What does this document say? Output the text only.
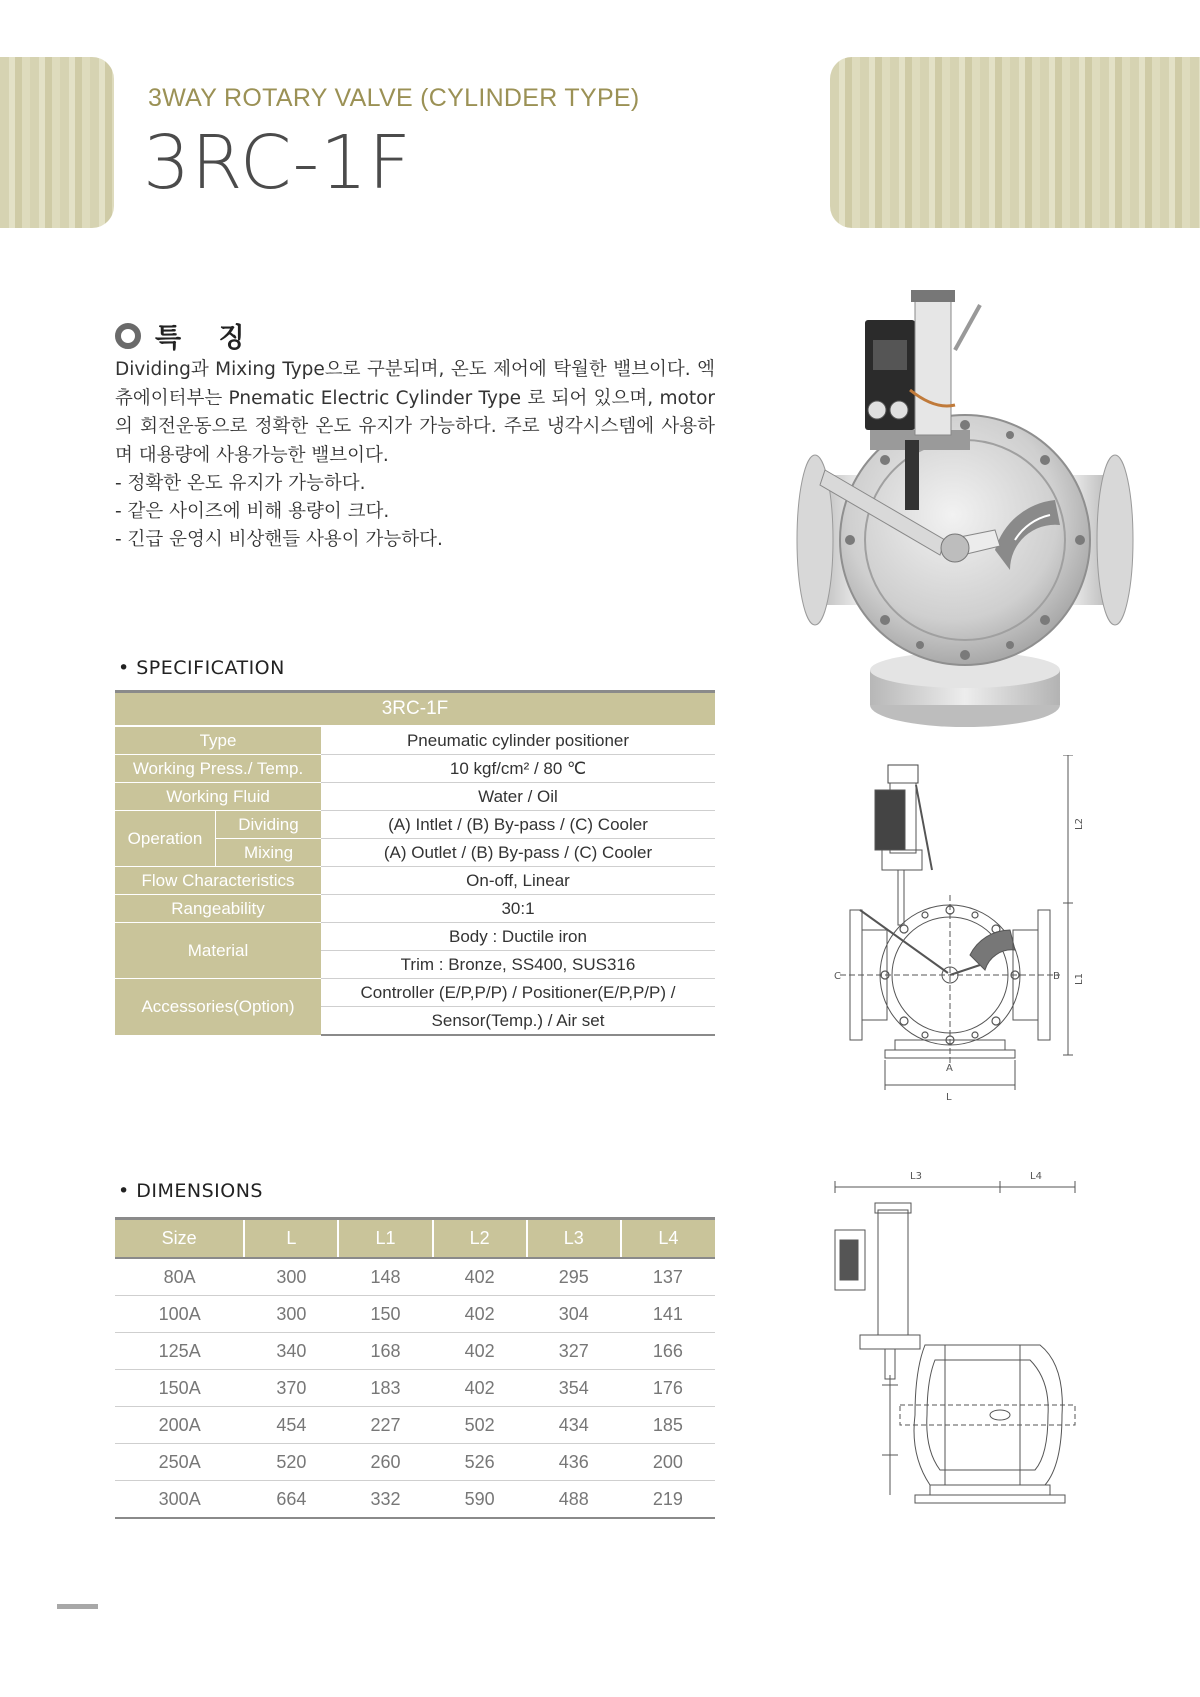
3WAY ROTARY VALVE (CYLINDER TYPE)
3RC-1F
특 징
Dividing과 Mixing Type으로 구분되며, 온도 제어에 탁월한 밸브이다. 엑츄에이터부는 Pnematic Electric Cylinder Type 로 되어 있으며, motor의 회전운동으로 정확한 온도 유지가 가능하다. 주로 냉각시스템에 사용하며 대용량에 사용가능한 밸브이다.
- 정확한 온도 유지가 가능하다.
- 같은 사이즈에 비해 용량이 크다.
- 긴급 운영시 비상핸들 사용이 가능하다.
• SPECIFICATION
3RC-1F		
Type		Pneumatic cylinder positioner
Working Press./ Temp.		10 kgf/cm² / 80 ℃
Working Fluid		Water / Oil
Operation	Dividing	(A) Intlet / (B) By-pass / (C) Cooler
	Mixing	(A) Outlet / (B) By-pass / (C) Cooler
Flow Characteristics		On-off, Linear
Rangeability		30:1
Material		Body : Ductile iron
		Trim : Bronze, SS400, SUS316
Accessories(Option)		Controller (E/P,P/P) / Positioner(E/P,P/P) /
		Sensor(Temp.) / Air set
• DIMENSIONS
Size	L	L1	L2	L3	L4
80A	300	148	402	295	137
100A	300	150	402	304	141
125A	340	168	402	327	166
150A	370	183	402	354	176
200A	454	227	502	434	185
250A	520	260	526	436	200
300A	664	332	590	488	219
L2
L1
L
A
B
C
L3	L4
